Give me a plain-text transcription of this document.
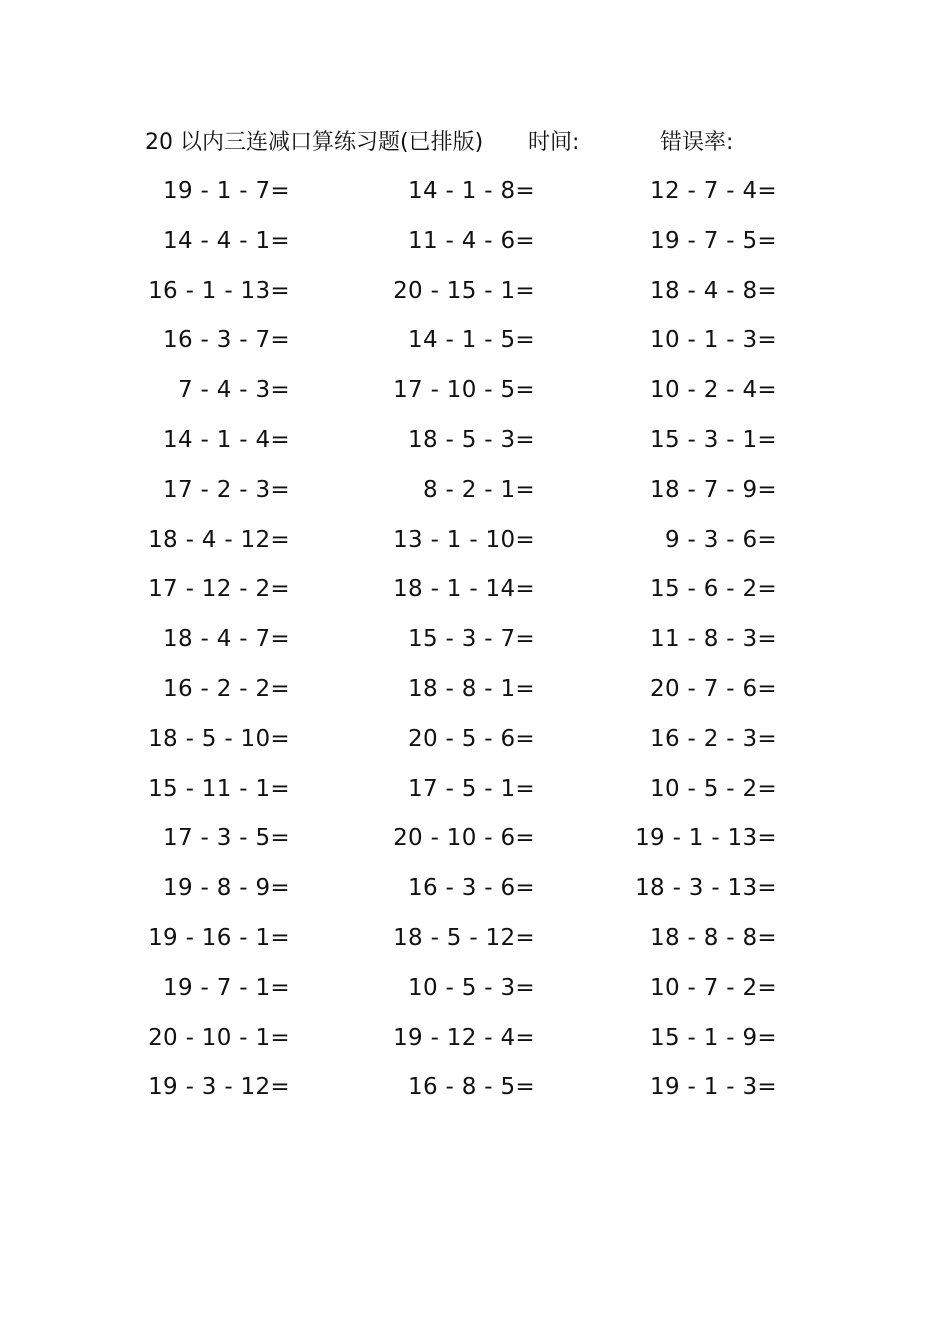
20 以内三连减口算练习题(已排版) 时间:	错误率:
19 - 1 - 7=	14 - 1 - 8=	12 - 7 - 4=
14 - 4 - 1=	11 - 4 - 6=	19 - 7 - 5=
16 - 1 - 13=	20 - 15 - 1=	18 - 4 - 8=
16 - 3 - 7=	14 - 1 - 5=	10 - 1 - 3=
7 - 4 - 3=	17 - 10 - 5=	10 - 2 - 4=
14 - 1 - 4=	18 - 5 - 3=	15 - 3 - 1=
17 - 2 - 3=	8 - 2 - 1=	18 - 7 - 9=
18 - 4 - 12=	13 - 1 - 10=	9 - 3 - 6=
17 - 12 - 2=	18 - 1 - 14=	15 - 6 - 2=
18 - 4 - 7=	15 - 3 - 7=	11 - 8 - 3=
16 - 2 - 2=	18 - 8 - 1=	20 - 7 - 6=
18 - 5 - 10=	20 - 5 - 6=	16 - 2 - 3=
15 - 11 - 1=	17 - 5 - 1=	10 - 5 - 2=
17 - 3 - 5=	20 - 10 - 6=	19 - 1 - 13=
19 - 8 - 9=	16 - 3 - 6=	18 - 3 - 13=
19 - 16 - 1=	18 - 5 - 12=	18 - 8 - 8=
19 - 7 - 1=	10 - 5 - 3=	10 - 7 - 2=
20 - 10 - 1=	19 - 12 - 4=	15 - 1 - 9=
19 - 3 - 12=	16 - 8 - 5=	19 - 1 - 3=
